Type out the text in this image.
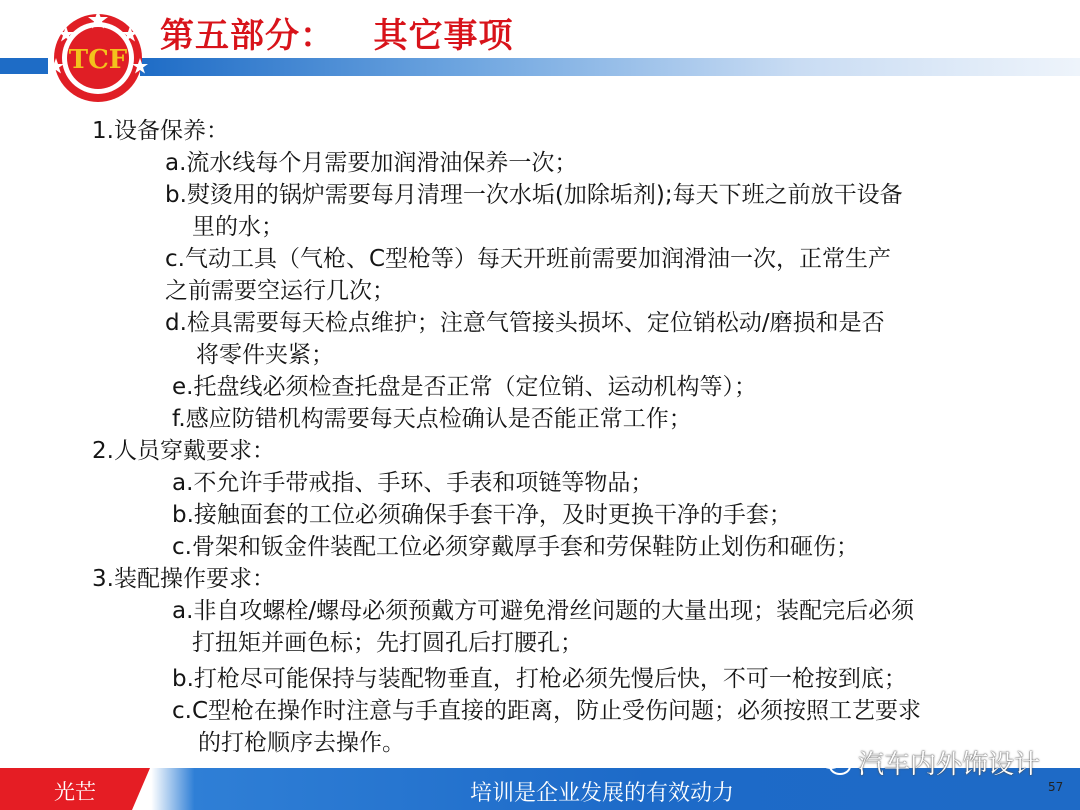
TCF
第五部分：   其它事项
1.设备保养：
a.流水线每个月需要加润滑油保养一次；
b.熨烫用的锅炉需要每月清理一次水垢(加除垢剂);每天下班之前放干设备
里的水；
c.气动工具（气枪、C型枪等）每天开班前需要加润滑油一次，正常生产
之前需要空运行几次；
d.检具需要每天检点维护；注意气管接头损坏、定位销松动/磨损和是否
将零件夹紧；
e.托盘线必须检查托盘是否正常（定位销、运动机构等）；
f.感应防错机构需要每天点检确认是否能正常工作；
2.人员穿戴要求：
a.不允许手带戒指、手环、手表和项链等物品；
b.接触面套的工位必须确保手套干净，及时更换干净的手套；
c.骨架和钣金件装配工位必须穿戴厚手套和劳保鞋防止划伤和砸伤；
3.装配操作要求：
a.非自攻螺栓/螺母必须预戴方可避免滑丝问题的大量出现；装配完后必须
打扭矩并画色标；先打圆孔后打腰孔；
b.打枪尽可能保持与装配物垂直，打枪必须先慢后快，不可一枪按到底；
c.C型枪在操作时注意与手直接的距离，防止受伤问题；必须按照工艺要求
的打枪顺序去操作。
光芒	培训是企业发展的有效动力
汽车内外饰设计
57
